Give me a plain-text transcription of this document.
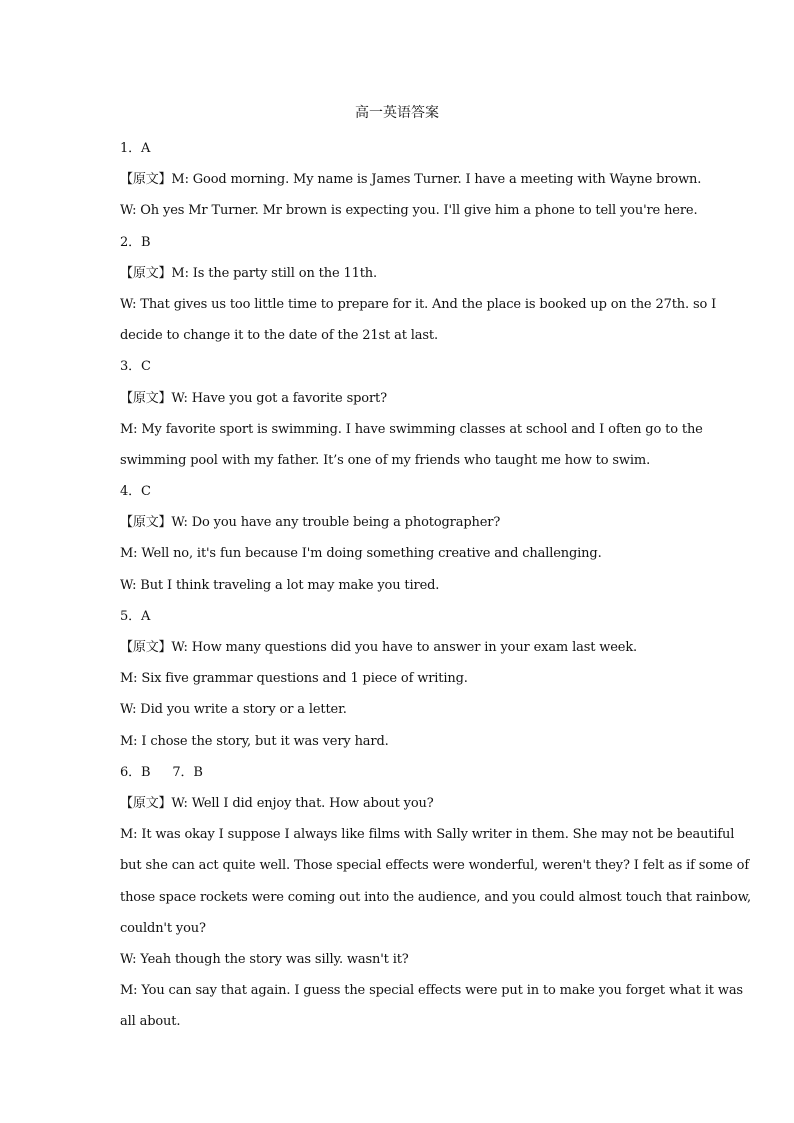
高一英语答案
1．A
【原文】M: Good morning. My name is James Turner. I have a meeting with Wayne brown.
W: Oh yes Mr Turner. Mr brown is expecting you. I'll give him a phone to tell you're here.
2．B
【原文】M: Is the party still on the 11th.
W: That gives us too little time to prepare for it. And the place is booked up on the 27th. so I
decide to change it to the date of the 21st at last.
3．C
【原文】W: Have you got a favorite sport?
M: My favorite sport is swimming. I have swimming classes at school and I often go to the
swimming pool with my father. It’s one of my friends who taught me how to swim.
4．C
【原文】W: Do you have any trouble being a photographer?
M: Well no, it's fun because I'm doing something creative and challenging.
W: But I think traveling a lot may make you tired.
5．A
【原文】W: How many questions did you have to answer in your exam last week.
M: Six five grammar questions and 1 piece of writing.
W: Did you write a story or a letter.
M: I chose the story, but it was very hard.
6．B 7．B
【原文】W: Well I did enjoy that. How about you?
M: It was okay I suppose I always like films with Sally writer in them. She may not be beautiful
but she can act quite well. Those special effects were wonderful, weren't they? I felt as if some of
those space rockets were coming out into the audience, and you could almost touch that rainbow,
couldn't you?
W: Yeah though the story was silly. wasn't it?
M: You can say that again. I guess the special effects were put in to make you forget what it was
all about.
